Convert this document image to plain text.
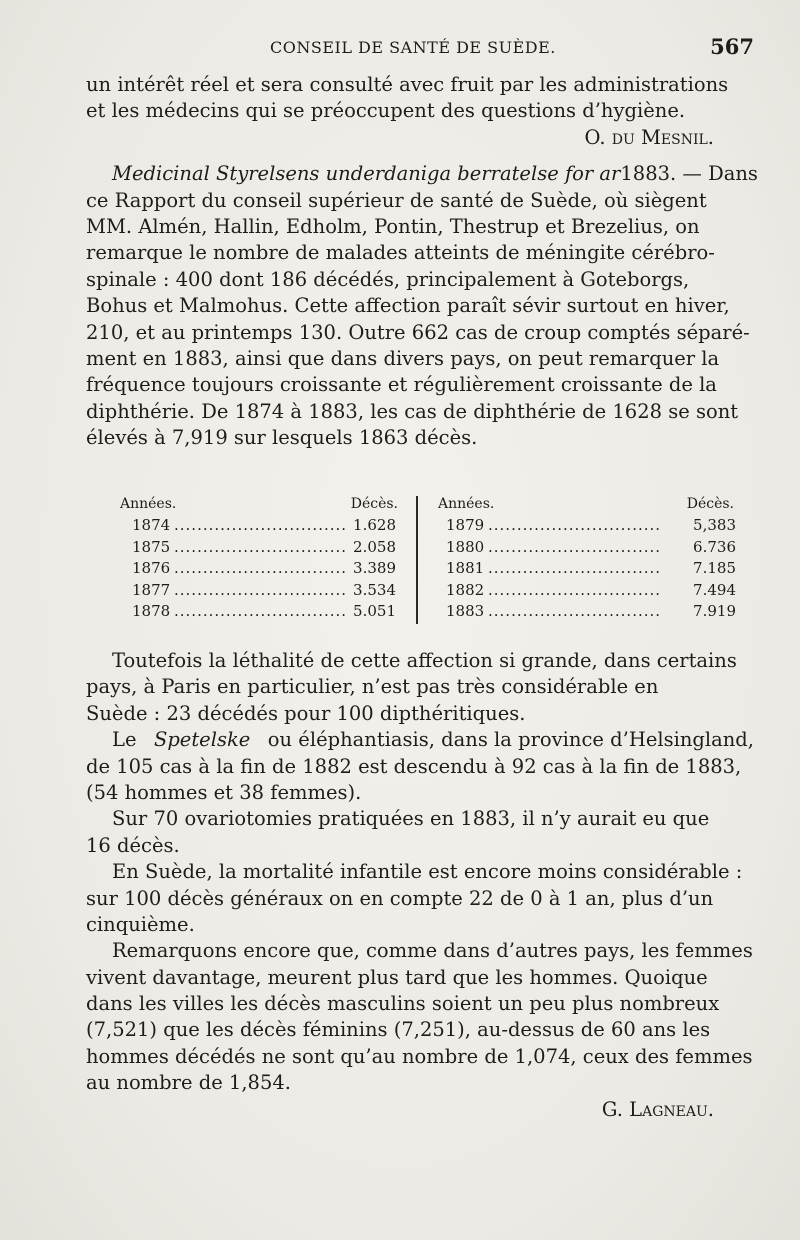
CONSEIL DE SANTÉ DE SUÈDE.	567
un intérêt réel et sera consulté avec fruit par les administrations
et les médecins qui se préoccupent des questions d’hygiène.
O. du Mesnil.
Medicinal Styrelsens underdaniga berratelse for ar 1883. — Dans
ce Rapport du conseil supérieur de santé de Suède, où siègent
MM. Almén, Hallin, Edholm, Pontin, Thestrup et Brezelius, on
remarque le nombre de malades atteints de méningite cérébro-
spinale : 400 dont 186 décédés, principalement à Goteborgs,
Bohus et Malmohus. Cette affection paraît sévir surtout en hiver,
210, et au printemps 130. Outre 662 cas de croup comptés séparé-
ment en 1883, ainsi que dans divers pays, on peut remarquer la
fréquence toujours croissante et régulièrement croissante de la
diphthérie. De 1874 à 1883, les cas de diphthérie de 1628 se sont
élevés à 7,919 sur lesquels 1863 décès.
Années.	Décès.
1874 .............................. 1.628
1875 .............................. 2.058
1876 .............................. 3.389
1877 .............................. 3.534
1878 .............................. 5.051
Années.	Décès.
1879 .............................. 5,383
1880 .............................. 6.736
1881 .............................. 7.185
1882 .............................. 7.494
1883 .............................. 7.919
Toutefois la léthalité de cette affection si grande, dans certains
pays, à Paris en particulier, n’est pas très considérable en
Suède : 23 décédés pour 100 dipthéritiques.
Le Spetelske ou éléphantiasis, dans la province d’Helsingland,
de 105 cas à la fin de 1882 est descendu à 92 cas à la fin de 1883,
(54 hommes et 38 femmes).
Sur 70 ovariotomies pratiquées en 1883, il n’y aurait eu que
16 décès.
En Suède, la mortalité infantile est encore moins considérable :
sur 100 décès généraux on en compte 22 de 0 à 1 an, plus d’un
cinquième.
Remarquons encore que, comme dans d’autres pays, les femmes
vivent davantage, meurent plus tard que les hommes. Quoique
dans les villes les décès masculins soient un peu plus nombreux
(7,521) que les décès féminins (7,251), au-dessus de 60 ans les
hommes décédés ne sont qu’au nombre de 1,074, ceux des femmes
au nombre de 1,854.
G. Lagneau.
